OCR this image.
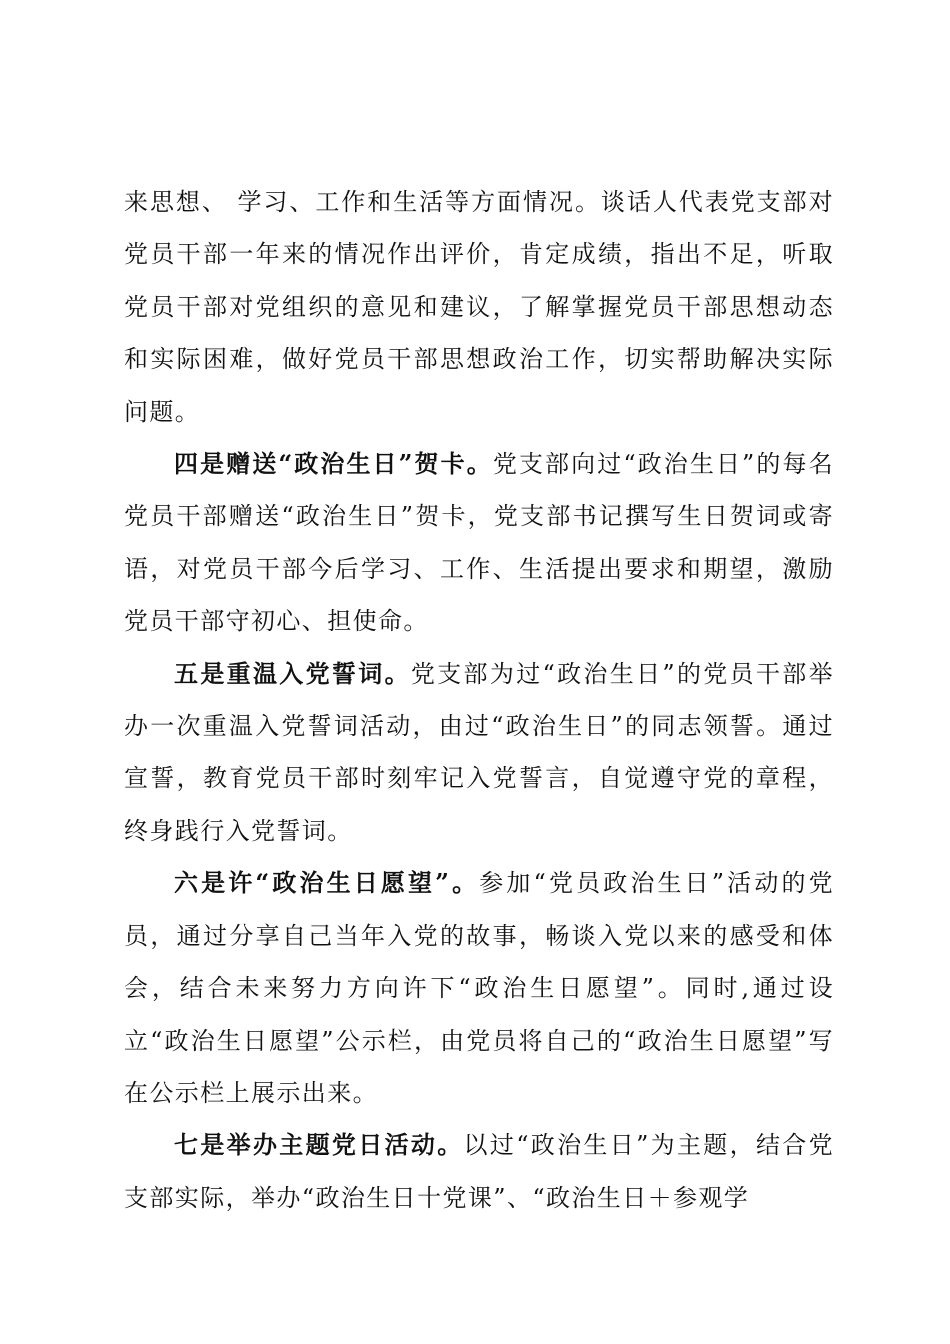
来思想、 学习、工作和生活等方面情况。谈话人代表党支部对党员干部一年来的情况作出评价，肯定成绩，指出不足，听取党员干部对党组织的意见和建议，了解掌握党员干部思想动态和实际困难，做好党员干部思想政治工作，切实帮助解决实际问题。

四是赠送“政治生日”贺卡。党支部向过“政治生日”的每名党员干部赠送“政治生日”贺卡，党支部书记撰写生日贺词或寄语，对党员干部今后学习、工作、生活提出要求和期望，激励党员干部守初心、担使命。

五是重温入党誓词。党支部为过“政治生日”的党员干部举办一次重温入党誓词活动，由过“政治生日”的同志领誓。通过宣誓，教育党员干部时刻牢记入党誓言，自觉遵守党的章程，终身践行入党誓词。

六是许“政治生日愿望”。参加“党员政治生日”活动的党员，通过分享自己当年入党的故事，畅谈入党以来的感受和体会，结合未来努力方向许下“政治生日愿望”。同时,通过设立“政治生日愿望”公示栏，由党员将自己的“政治生日愿望”写在公示栏上展示出来。

七是举办主题党日活动。以过“政治生日”为主题，结合党支部实际，举办“政治生日十党课”、“政治生日＋参观学
